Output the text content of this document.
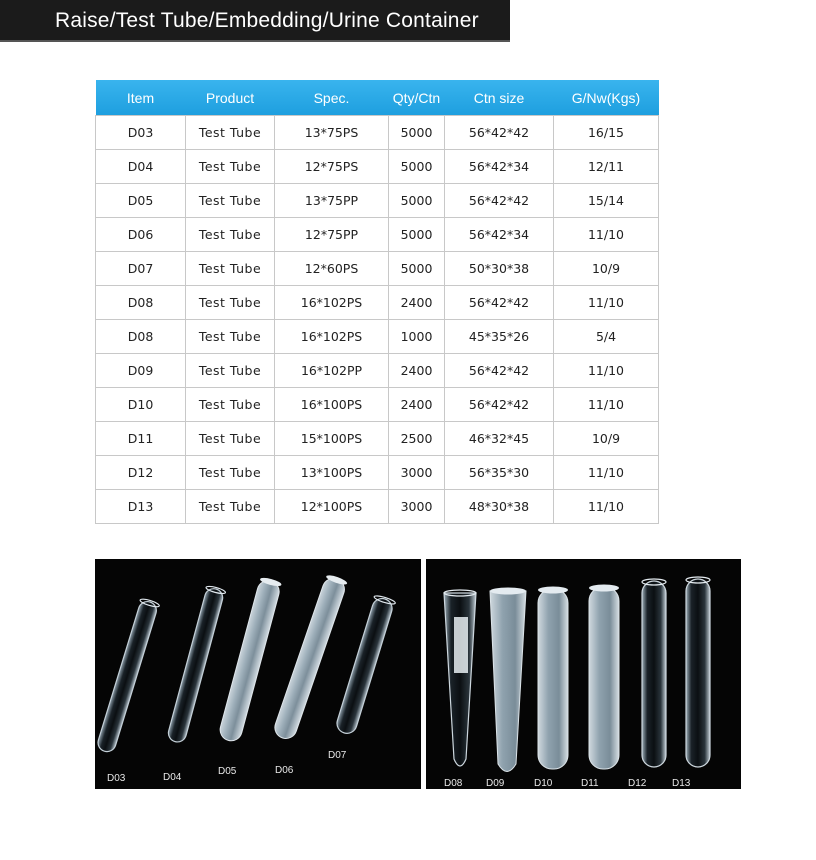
Raise/Test Tube/Embedding/Urine Container
Item	Product	Spec.	Qty/Ctn	Ctn size	G/Nw(Kgs)
D03	Test Tube	13*75PS	5000	56*42*42	16/15
D04	Test Tube	12*75PS	5000	56*42*34	12/11
D05	Test Tube	13*75PP	5000	56*42*42	15/14
D06	Test Tube	12*75PP	5000	56*42*34	11/10
D07	Test Tube	12*60PS	5000	50*30*38	10/9
D08	Test Tube	16*102PS	2400	56*42*42	11/10
D08	Test Tube	16*102PS	1000	45*35*26	5/4
D09	Test Tube	16*102PP	2400	56*42*42	11/10
D10	Test Tube	16*100PS	2400	56*42*42	11/10
D11	Test Tube	15*100PS	2500	46*32*45	10/9
D12	Test Tube	13*100PS	3000	56*35*30	11/10
D13	Test Tube	12*100PS	3000	48*30*38	11/10
D03	D04
D05	D06
D07
D08 D09	D10	D11	D12	D13
